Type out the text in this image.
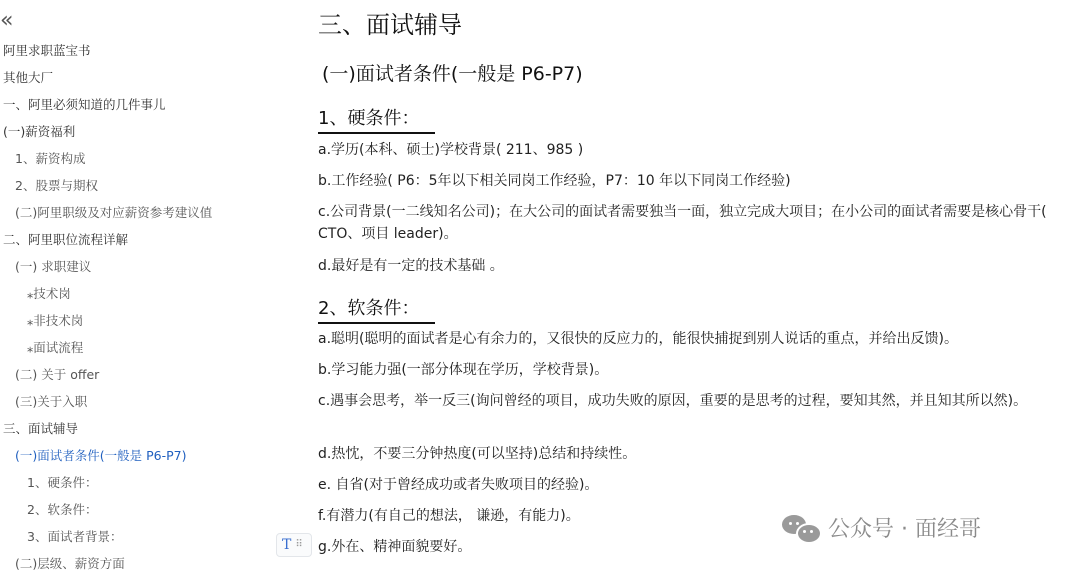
«
阿里求职蓝宝书
其他大厂
一、阿里必须知道的几件事儿
(一)薪资福利
1、薪资构成
2、股票与期权
(二)阿里职级及对应薪资参考建议值
二、阿里职位流程详解
(一) 求职建议
⁎技术岗
⁎非技术岗
⁎面试流程
(二) 关于 offer
(三)关于入职
三、面试辅导
(一)面试者条件(一般是 P6-P7)
1、硬条件：
2、软条件：
3、面试者背景：
(二)层级、薪资方面
三、面试辅导
(一)面试者条件(一般是 P6-P7)
1、硬条件：
a.学历(本科、硕士)学校背景( 211、985 )
b.工作经验( P6：5年以下相关同岗工作经验，P7：10 年以下同岗工作经验)
c.公司背景(一二线知名公司)；在大公司的面试者需要独当一面，独立完成大项目；在小公司的面试者需要是核心骨干( CTO、项目 leader)。
d.最好是有一定的技术基础 。
2、软条件：
a.聪明(聪明的面试者是心有余力的，又很快的反应力的，能很快捕捉到别人说话的重点，并给出反馈)。
b.学习能力强(一部分体现在学历，学校背景)。
c.遇事会思考，举一反三(询问曾经的项目，成功失败的原因，重要的是思考的过程，要知其然，并且知其所以然)。
d.热忱，不要三分钟热度(可以坚持)总结和持续性。
e. 自省(对于曾经成功或者失败项目的经验)。
f.有潜力(有自己的想法， 谦逊，有能力)。
g.外在、精神面貌要好。
T ⠿
公众号 · 面经哥
